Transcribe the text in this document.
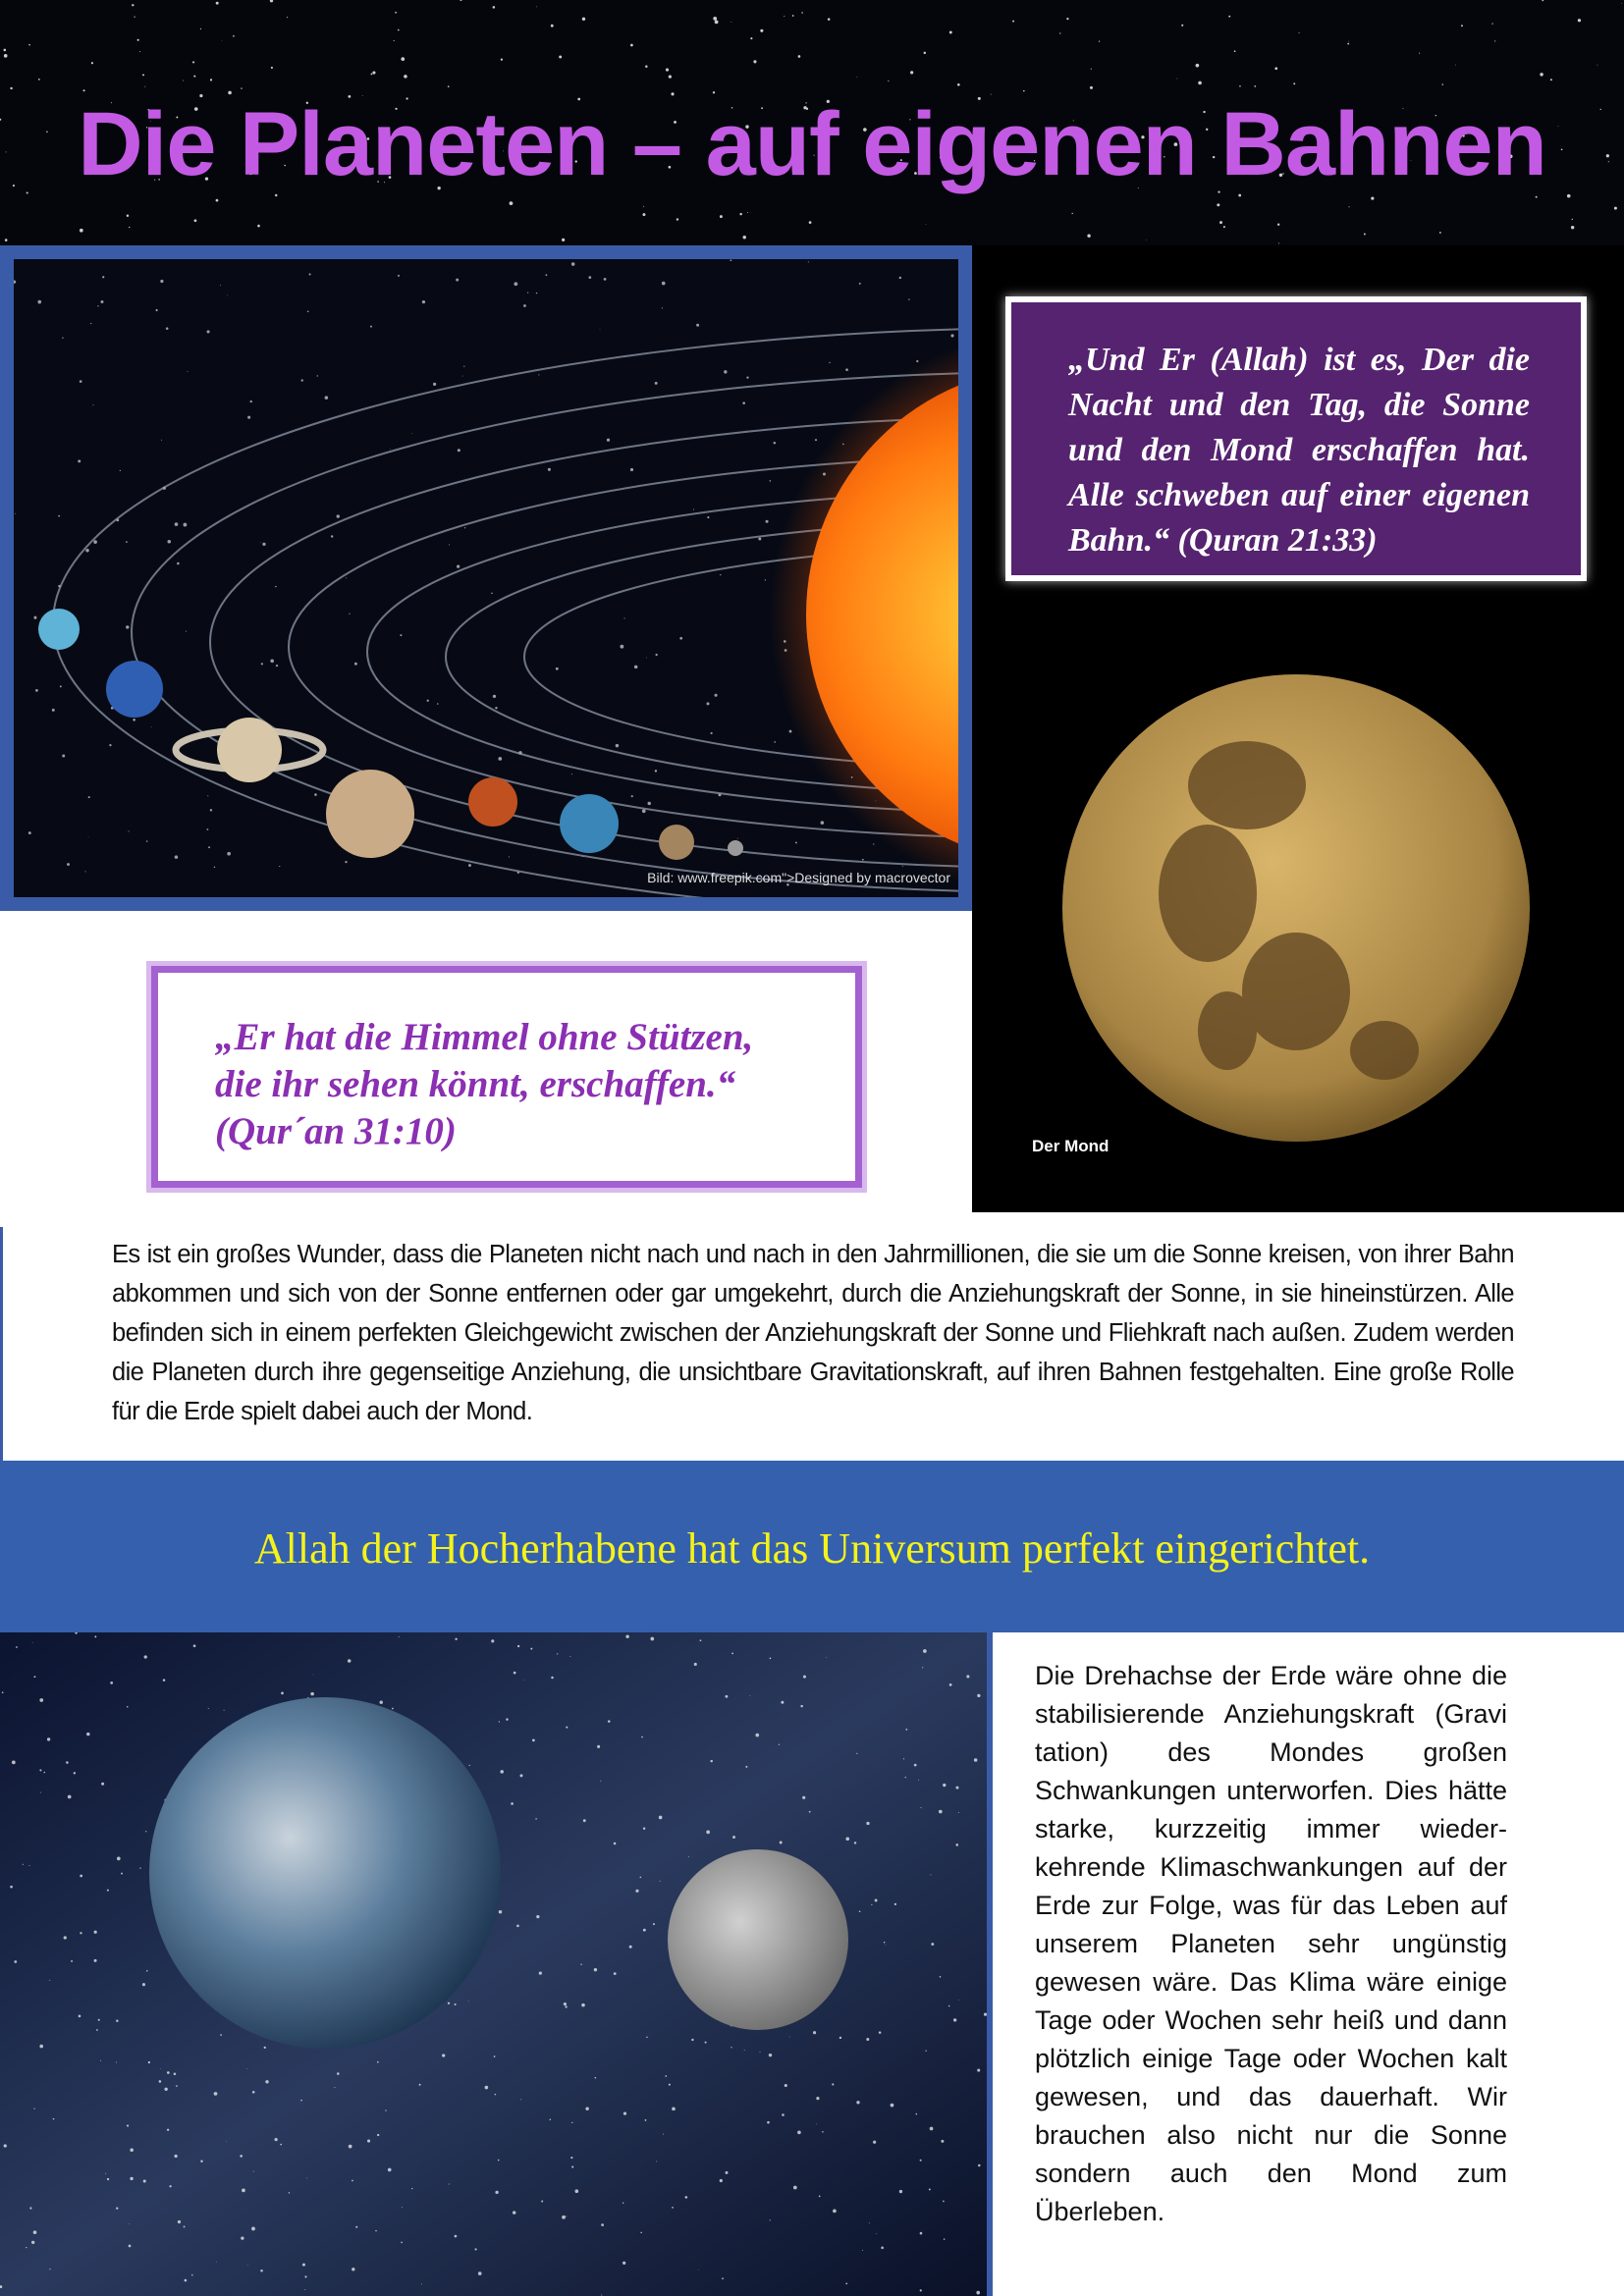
Die Planeten – auf eigenen Bahnen
Bild: www.freepik.com">Designed by macrovector
„Und Er (Allah) ist es, Der die Nacht und den Tag, die Sonne und den Mond erschaffen hat. Alle schweben auf einer eigenen Bahn.“ (Quran 21:33)
Der Mond
„Er hat die Himmel ohne Stützen,
die ihr sehen könnt, erschaffen.“
(Qur´an 31:10)
Es ist ein großes Wunder, dass die Planeten nicht nach und nach in den Jahrmillionen, die sie um die Sonne kreisen, von ihrer Bahn abkommen und sich von der Sonne entfernen oder gar umgekehrt, durch die Anziehungskraft der Sonne, in sie hineinstürzen. Alle befinden sich in einem perfekten Gleichgewicht zwischen der Anziehungskraft der Sonne und Fliehkraft nach außen. Zudem werden die Planeten durch ihre gegenseitige Anziehung, die unsichtbare Gravitationskraft, auf ihren Bahnen festgehalten. Eine große Rolle für die Erde spielt dabei auch der Mond.
Allah der Hocherhabene hat das Universum perfekt eingerichtet.
Die Drehachse der Erde wäre ohne die stabilisierende Anziehungskraft (Gravi tation) des Mondes großen Schwankungen unterworfen. Dies hätte starke, kurzzeitig immer wieder-kehrende Klimaschwankungen auf der Erde zur Folge, was für das Leben auf unserem Planeten sehr ungünstig gewesen wäre. Das Klima wäre einige Tage oder Wochen sehr heiß und dann plötzlich einige Tage oder Wochen kalt gewesen, und das dauerhaft. Wir brauchen also nicht nur die Sonne sondern auch den Mond zum Überleben.
